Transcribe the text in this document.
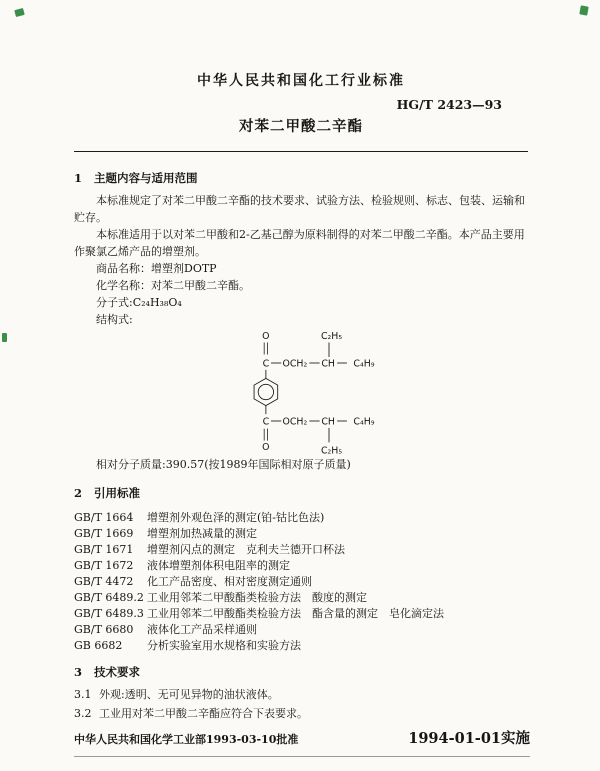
中华人民共和国化工行业标准
HG/T 2423—93
对苯二甲酸二辛酯
1	主题内容与适用范围
本标准规定了对苯二甲酸二辛酯的技术要求、试验方法、检验规则、标志、包装、运输和贮存。
本标准适用于以对苯二甲酸和2-乙基己醇为原料制得的对苯二甲酸二辛酯。本产品主要用作聚氯乙烯产品的增塑剂。
商品名称：增塑剂DOTP
化学名称：对苯二甲酸二辛酯。
分子式:C₂₄H₃₈O₄
结构式:
O
C OCH₂ CH C₄H₉
C₂H₅
C OCH₂ CH C₄H₉
O	C₂H₅
相对分子质量:390.57(按1989年国际相对原子质量)
2	引用标准
GB/T 1664	增塑剂外观色泽的测定(铂-钴比色法)
GB/T 1669	增塑剂加热减量的测定
GB/T 1671	增塑剂闪点的测定　克利夫兰德开口杯法
GB/T 1672	液体增塑剂体积电阻率的测定
GB/T 4472	化工产品密度、相对密度测定通则
GB/T 6489.2 工业用邻苯二甲酸酯类检验方法　酸度的测定
GB/T 6489.3 工业用邻苯二甲酸酯类检验方法　酯含量的测定　皂化滴定法
GB/T 6680	液体化工产品采样通则
GB 6682	分析实验室用水规格和实验方法
3	技术要求
3.1 外观:透明、无可见异物的油状液体。
3.2 工业用对苯二甲酸二辛酯应符合下表要求。
中华人民共和国化学工业部1993-03-10批准	1994-01-01实施
